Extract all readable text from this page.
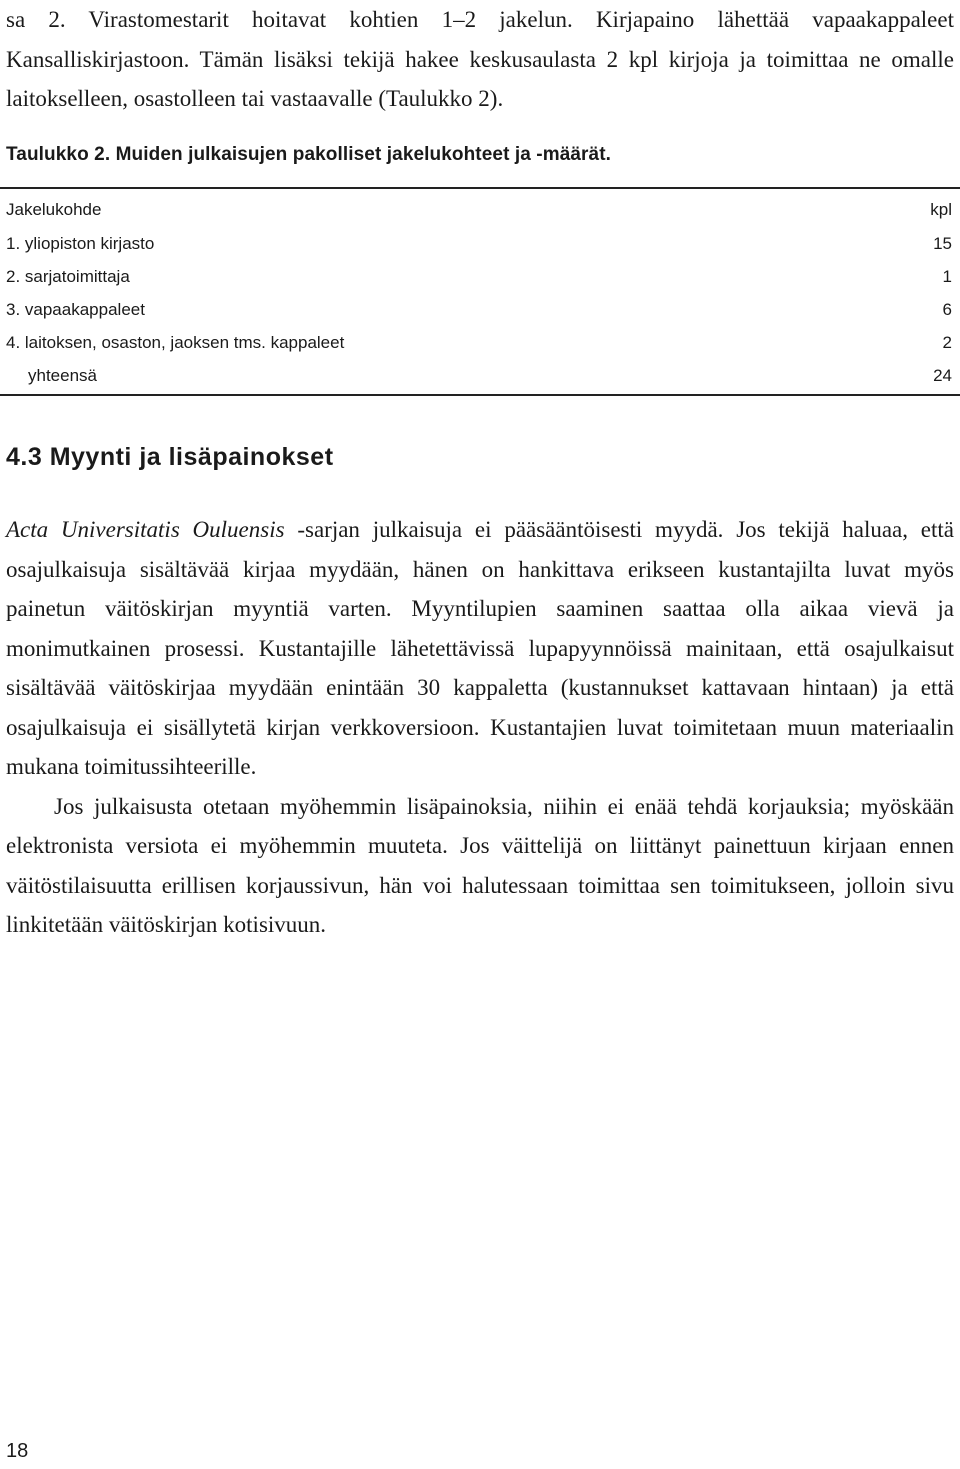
sa 2. Virastomestarit hoitavat kohtien 1–2 jakelun. Kirjapaino lähettää vapaakappaleet Kansalliskirjastoon. Tämän lisäksi tekijä hakee keskusaulasta 2 kpl kirjoja ja toimittaa ne omalle laitokselleen, osastolleen tai vastaavalle (Taulukko 2).

Taulukko 2. Muiden julkaisujen pakolliset jakelukohteet ja -määrät.
Jakelukohde	kpl
1. yliopiston kirjasto	15
2. sarjatoimittaja	1
3. vapaakappaleet	6
4. laitoksen, osaston, jaoksen tms. kappaleet	2
yhteensä	24
4.3 Myynti ja lisäpainokset

Acta Universitatis Ouluensis -sarjan julkaisuja ei pääsääntöisesti myydä. Jos tekijä haluaa, että osajulkaisuja sisältävää kirjaa myydään, hänen on hankittava erikseen kustantajilta luvat myös painetun väitöskirjan myyntiä varten. Myyntilupien saaminen saattaa olla aikaa vievä ja monimutkainen prosessi. Kustantajille lähetettävissä lupapyynnöissä mainitaan, että osajulkaisut sisältävää väitöskirjaa myydään enintään 30 kappaletta (kustannukset kattavaan hintaan) ja että osajulkaisuja ei sisällytetä kirjan verkkoversioon. Kustantajien luvat toimitetaan muun materiaalin mukana toimitussihteerille.

Jos julkaisusta otetaan myöhemmin lisäpainoksia, niihin ei enää tehdä korjauksia; myöskään elektronista versiota ei myöhemmin muuteta. Jos väittelijä on liittänyt painettuun kirjaan ennen väitöstilaisuutta erillisen korjaussivun, hän voi halutessaan toimittaa sen toimitukseen, jolloin sivu linkitetään väitöskirjan kotisivuun.

18
